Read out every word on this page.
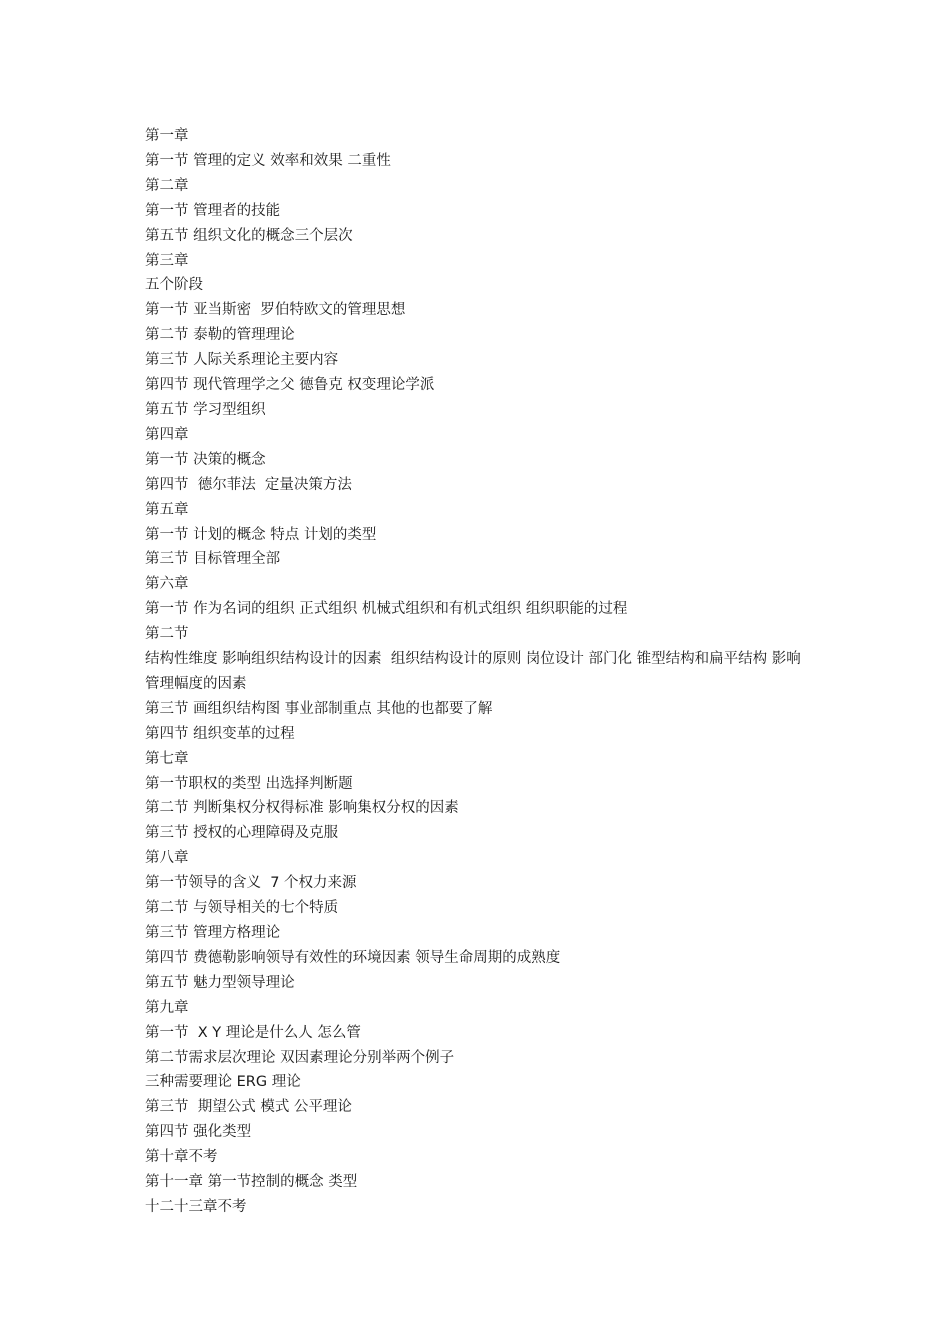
第一章
第一节 管理的定义 效率和效果 二重性
第二章
第一节 管理者的技能
第五节 组织文化的概念三个层次
第三章
五个阶段
第一节 亚当斯密  罗伯特欧文的管理思想
第二节 泰勒的管理理论
第三节 人际关系理论主要内容
第四节 现代管理学之父 德鲁克 权变理论学派
第五节 学习型组织
第四章
第一节 决策的概念
第四节  德尔菲法  定量决策方法
第五章
第一节 计划的概念 特点 计划的类型
第三节 目标管理全部
第六章
第一节 作为名词的组织 正式组织 机械式组织和有机式组织 组织职能的过程
第二节
结构性维度 影响组织结构设计的因素  组织结构设计的原则 岗位设计 部门化 锥型结构和扁平结构 影响管理幅度的因素
第三节 画组织结构图 事业部制重点 其他的也都要了解
第四节 组织变革的过程
第七章
第一节职权的类型 出选择判断题
第二节 判断集权分权得标准 影响集权分权的因素
第三节 授权的心理障碍及克服
第八章
第一节领导的含义  7 个权力来源
第二节 与领导相关的七个特质
第三节 管理方格理论
第四节 费德勒影响领导有效性的环境因素 领导生命周期的成熟度
第五节 魅力型领导理论
第九章
第一节  X Y 理论是什么人 怎么管
第二节需求层次理论 双因素理论分别举两个例子
三种需要理论 ERG 理论
第三节  期望公式 模式 公平理论
第四节 强化类型
第十章不考
第十一章 第一节控制的概念 类型
十二十三章不考
